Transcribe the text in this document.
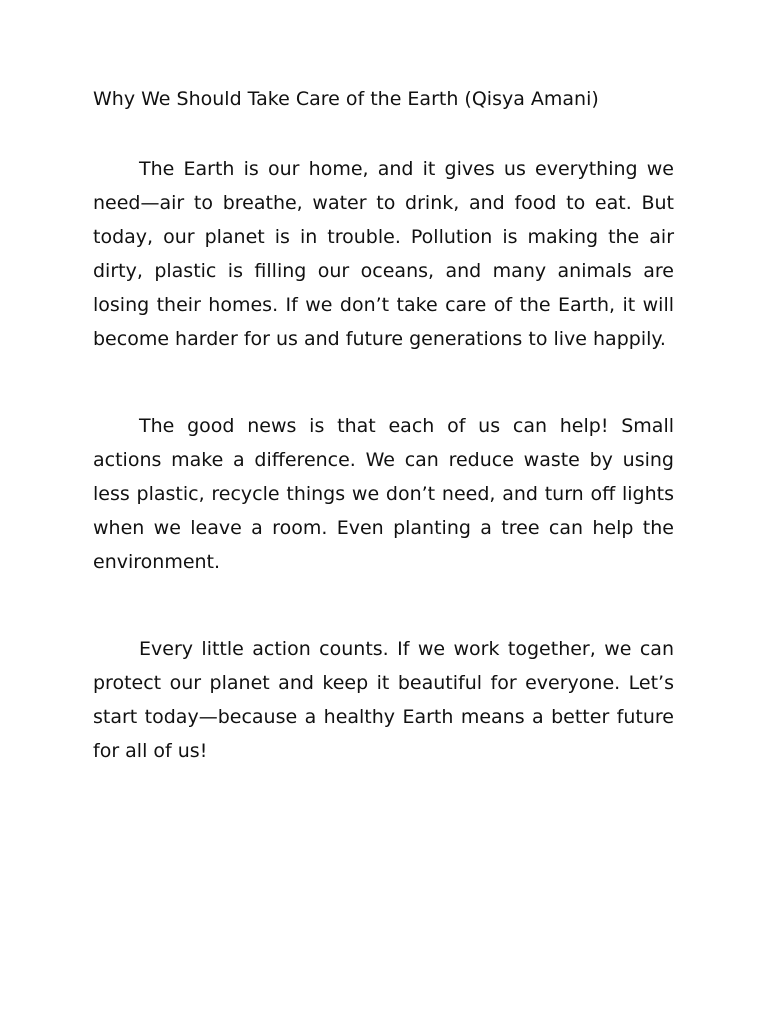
Why We Should Take Care of the Earth (Qisya Amani)

The Earth is our home, and it gives us everything we need—air to breathe, water to drink, and food to eat. But today, our planet is in trouble. Pollution is making the air dirty, plastic is filling our oceans, and many animals are losing their homes. If we don’t take care of the Earth, it will become harder for us and future generations to live happily.

The good news is that each of us can help! Small actions make a difference. We can reduce waste by using less plastic, recycle things we don’t need, and turn off lights when we leave a room. Even planting a tree can help the environment.

Every little action counts. If we work together, we can protect our planet and keep it beautiful for everyone. Let’s start today—because a healthy Earth means a better future for all of us!
